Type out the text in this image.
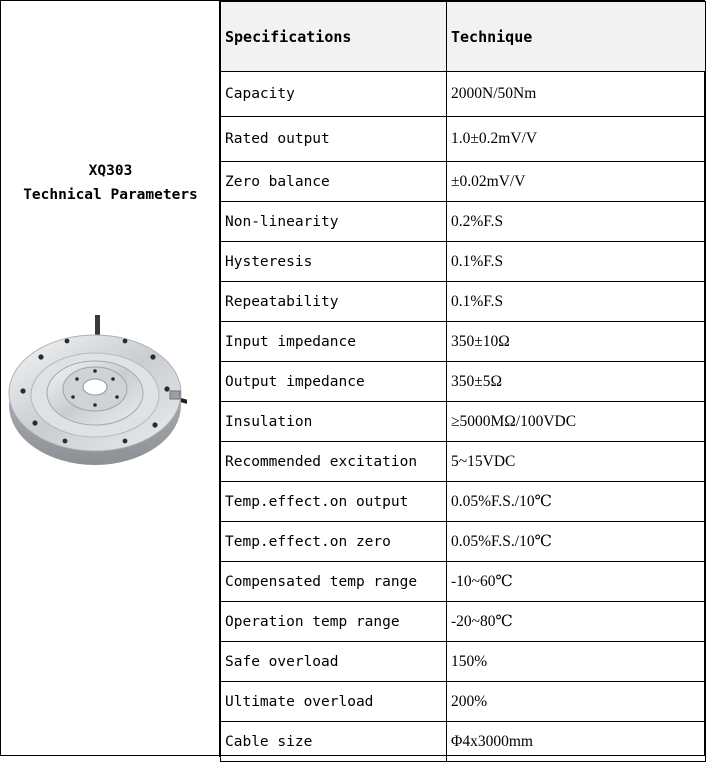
XQ303
Technical Parameters
Specifications	Technique
Capacity	2000N/50Nm
Rated output	1.0±0.2mV/V
Zero balance	±0.02mV/V
Non-linearity	0.2%F.S
Hysteresis	0.1%F.S
Repeatability	0.1%F.S
Input impedance	350±10Ω
Output impedance	350±5Ω
Insulation	≥5000MΩ/100VDC
Recommended excitation	5~15VDC
Temp.effect.on output	0.05%F.S./10℃
Temp.effect.on zero	0.05%F.S./10℃
Compensated temp range	-10~60℃
Operation temp range	-20~80℃
Safe overload	150%
Ultimate overload	200%
Cable size	Φ4x3000mm
